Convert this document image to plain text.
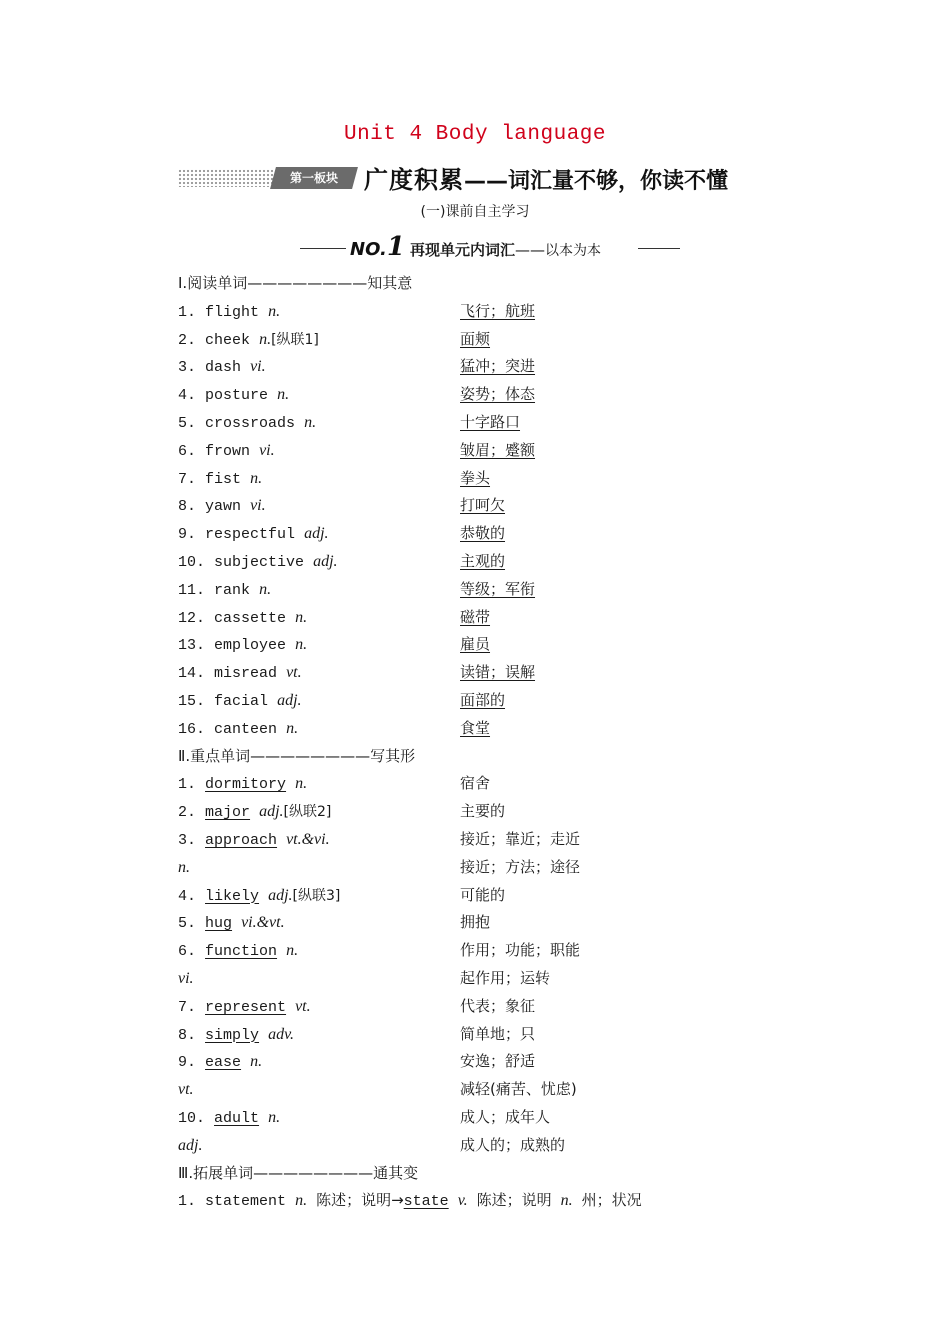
Unit 4 Body language
第一板块	广度积累——词汇量不够，你读不懂
(一)课前自主学习
NO.1 再现单元内词汇——以本为本
Ⅰ.阅读单词————————知其意
1. flight n.	飞行；航班
2. cheek n.[纵联1]	面颊
3. dash vi.	猛冲；突进
4. posture n.	姿势；体态
5. crossroads n.	十字路口
6. frown vi.	皱眉；蹙额
7. fist n.	拳头
8. yawn vi.	打呵欠
9. respectful adj.	恭敬的
10. subjective adj.	主观的
11. rank n.	等级；军衔
12. cassette n.	磁带
13. employee n.	雇员
14. misread vt.	读错；误解
15. facial adj.	面部的
16. canteen n.	食堂
Ⅱ.重点单词————————写其形
1. dormitory n.	宿舍
2. major adj.[纵联2]	主要的
3. approach vt.&vi.	接近；靠近；走近
n.	接近；方法；途径
4. likely adj.[纵联3]	可能的
5. hug vi.&vt.	拥抱
6. function n.	作用；功能；职能
vi.	起作用；运转
7. represent vt.	代表；象征
8. simply adv.	简单地；只
9. ease n.	安逸；舒适
vt.	减轻(痛苦、忧虑)
10. adult n.	成人；成年人
adj.	成人的；成熟的
Ⅲ.拓展单词————————通其变
1. statement n. 陈述；说明→state v. 陈述；说明 n. 州；状况
